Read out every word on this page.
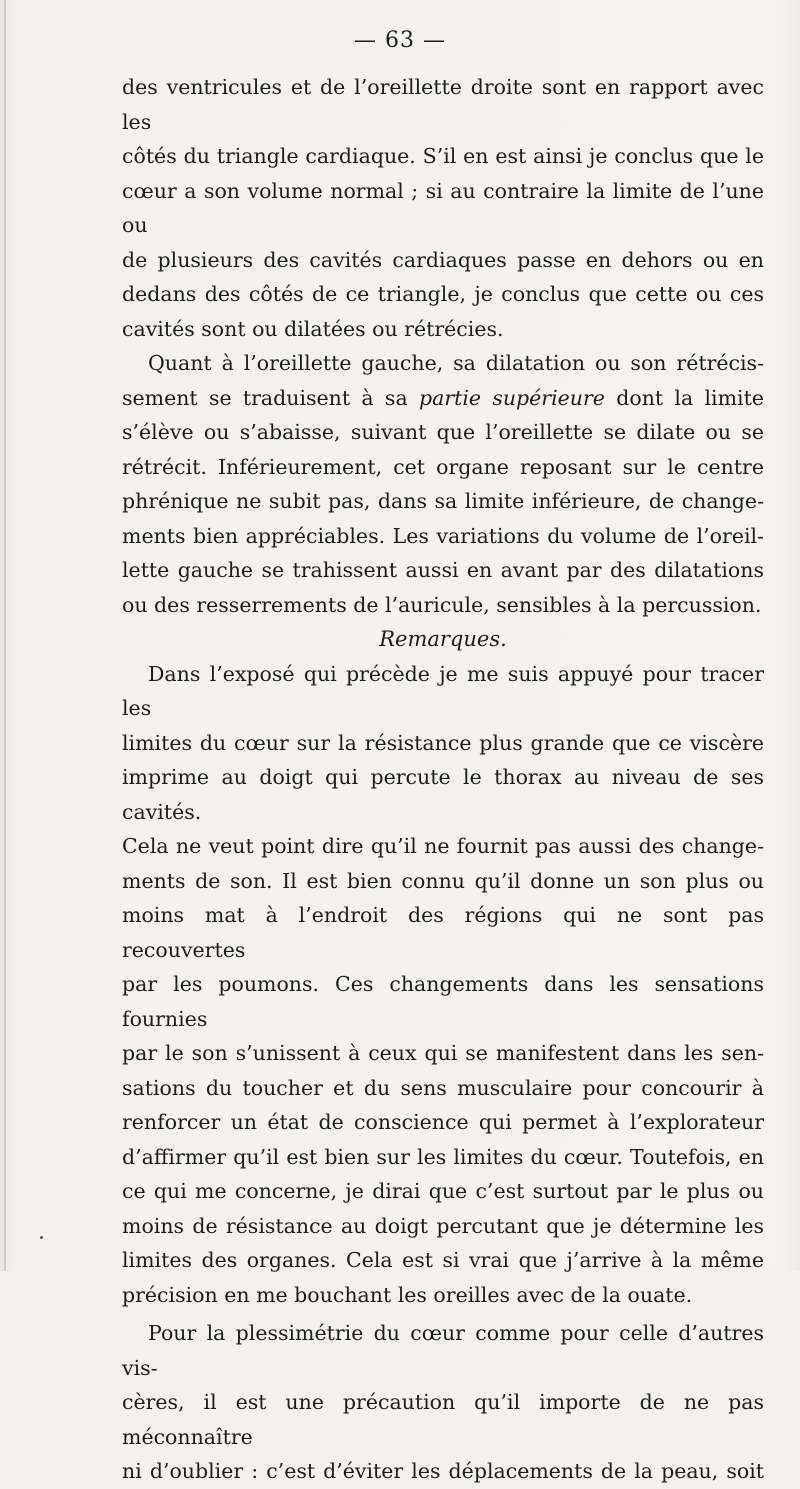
— 63 —

des ventricules et de l’oreillette droite sont en rapport avec les

côtés du triangle cardiaque. S’il en est ainsi je conclus que le

cœur a son volume normal ; si au contraire la limite de l’une ou

de plusieurs des cavités cardiaques passe en dehors ou en

dedans des côtés de ce triangle, je conclus que cette ou ces

cavités sont ou dilatées ou rétrécies.

Quant à l’oreillette gauche, sa dilatation ou son rétrécis-

sement se traduisent à sa partie supérieure dont la limite

s’élève ou s’abaisse, suivant que l’oreillette se dilate ou se

rétrécit. Inférieurement, cet organe reposant sur le centre

phrénique ne subit pas, dans sa limite inférieure, de change-

ments bien appréciables. Les variations du volume de l’oreil-

lette gauche se trahissent aussi en avant par des dilatations

ou des resserrements de l’auricule, sensibles à la percussion.

Remarques.

Dans l’exposé qui précède je me suis appuyé pour tracer les

limites du cœur sur la résistance plus grande que ce viscère

imprime au doigt qui percute le thorax au niveau de ses cavités.

Cela ne veut point dire qu’il ne fournit pas aussi des change-

ments de son. Il est bien connu qu’il donne un son plus ou

moins mat à l’endroit des régions qui ne sont pas recouvertes

par les poumons. Ces changements dans les sensations fournies

par le son s’unissent à ceux qui se manifestent dans les sen-

sations du toucher et du sens musculaire pour concourir à

renforcer un état de conscience qui permet à l’explorateur

d’affirmer qu’il est bien sur les limites du cœur. Toutefois, en

ce qui me concerne, je dirai que c’est surtout par le plus ou

moins de résistance au doigt percutant que je détermine les

limites des organes. Cela est si vrai que j’arrive à la même

précision en me bouchant les oreilles avec de la ouate.

Pour la plessimétrie du cœur comme pour celle d’autres vis-

cères, il est une précaution qu’il importe de ne pas méconnaître

ni d’oublier : c’est d’éviter les déplacements de la peau, soit
